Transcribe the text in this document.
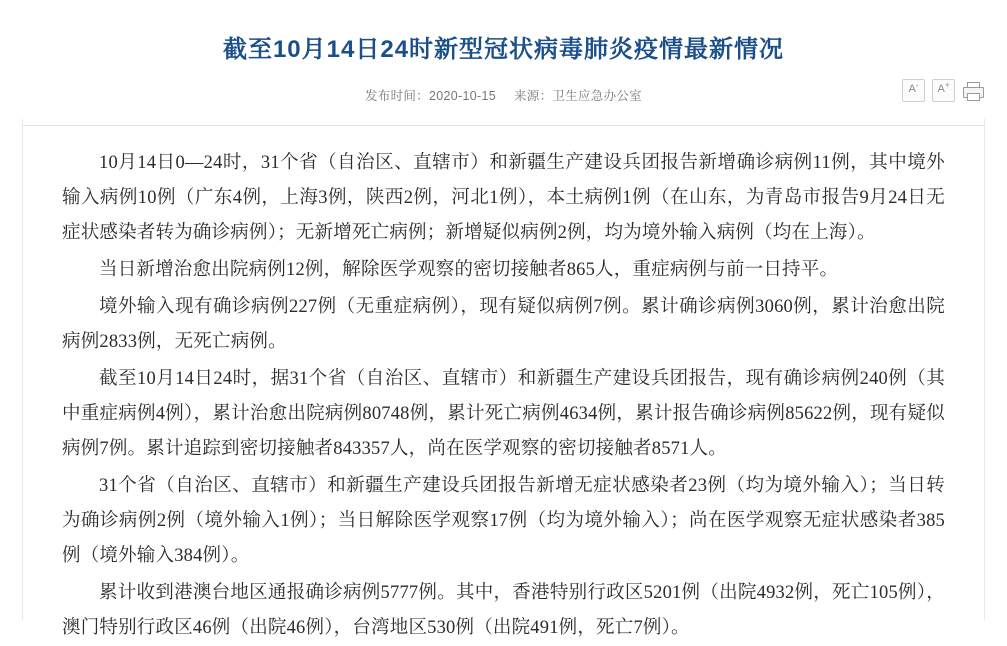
截至10月14日24时新型冠状病毒肺炎疫情最新情况
发布时间：2020-10-15 来源：卫生应急办公室	A-	A+

10月14日0—24时，31个省（自治区、直辖市）和新疆生产建设兵团报告新增确诊病例11例，其中境外输入病例10例（广东4例，上海3例，陕西2例，河北1例），本土病例1例（在山东，为青岛市报告9月24日无症状感染者转为确诊病例）；无新增死亡病例；新增疑似病例2例，均为境外输入病例（均在上海）。

当日新增治愈出院病例12例，解除医学观察的密切接触者865人，重症病例与前一日持平。

境外输入现有确诊病例227例（无重症病例），现有疑似病例7例。累计确诊病例3060例，累计治愈出院病例2833例，无死亡病例。

截至10月14日24时，据31个省（自治区、直辖市）和新疆生产建设兵团报告，现有确诊病例240例（其中重症病例4例），累计治愈出院病例80748例，累计死亡病例4634例，累计报告确诊病例85622例，现有疑似病例7例。累计追踪到密切接触者843357人，尚在医学观察的密切接触者8571人。

31个省（自治区、直辖市）和新疆生产建设兵团报告新增无症状感染者23例（均为境外输入）；当日转为确诊病例2例（境外输入1例）；当日解除医学观察17例（均为境外输入）；尚在医学观察无症状感染者385例（境外输入384例）。

累计收到港澳台地区通报确诊病例5777例。其中，香港特别行政区5201例（出院4932例，死亡105例），澳门特别行政区46例（出院46例），台湾地区530例（出院491例，死亡7例）。
